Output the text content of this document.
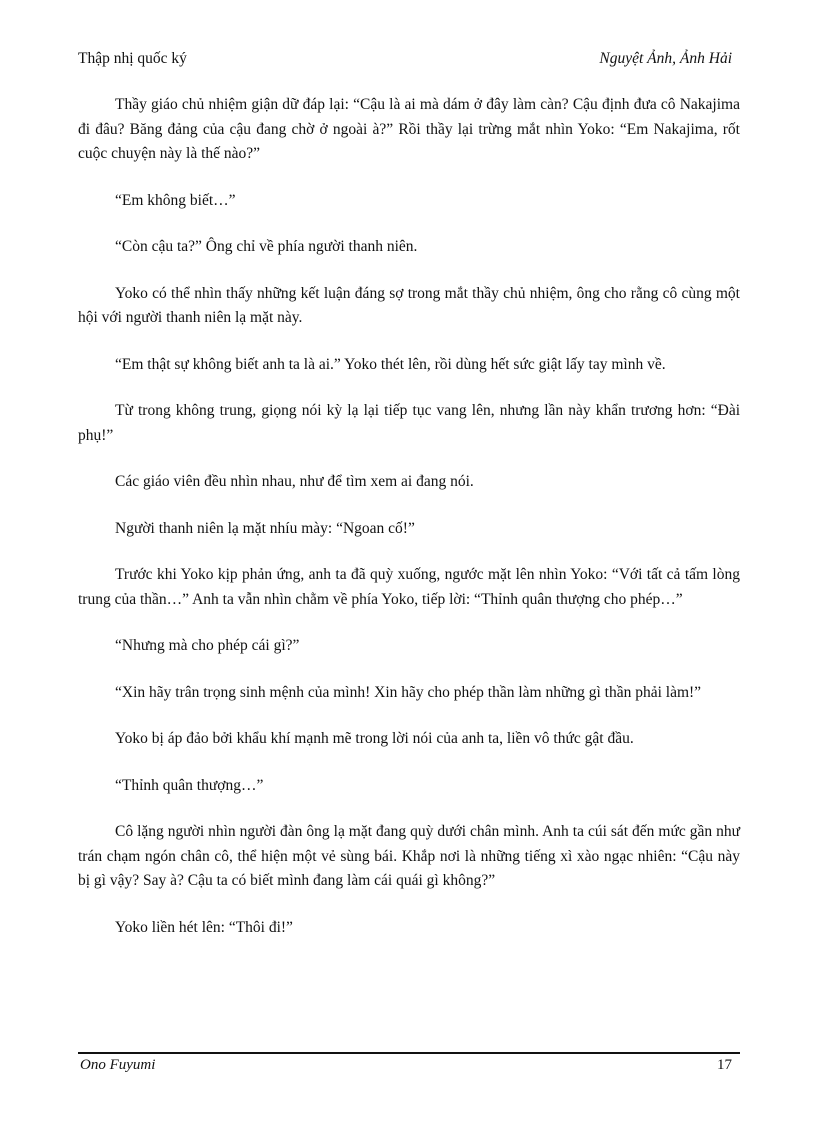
Thập nhị quốc ký	Nguyệt Ảnh, Ảnh Hải

Thầy giáo chủ nhiệm giận dữ đáp lại: “Cậu là ai mà dám ở đây làm càn? Cậu định đưa cô Nakajima đi đâu? Băng đảng của cậu đang chờ ở ngoài à?” Rồi thầy lại trừng mắt nhìn Yoko: “Em Nakajima, rốt cuộc chuyện này là thế nào?”

“Em không biết…”

“Còn cậu ta?” Ông chỉ về phía người thanh niên.

Yoko có thể nhìn thấy những kết luận đáng sợ trong mắt thầy chủ nhiệm, ông cho rằng cô cùng một hội với người thanh niên lạ mặt này.

“Em thật sự không biết anh ta là ai.” Yoko thét lên, rồi dùng hết sức giật lấy tay mình về.

Từ trong không trung, giọng nói kỳ lạ lại tiếp tục vang lên, nhưng lần này khẩn trương hơn: “Đài phụ!”

Các giáo viên đều nhìn nhau, như để tìm xem ai đang nói.

Người thanh niên lạ mặt nhíu mày: “Ngoan cố!”

Trước khi Yoko kịp phản ứng, anh ta đã quỳ xuống, ngước mặt lên nhìn Yoko: “Với tất cả tấm lòng trung của thần…” Anh ta vẫn nhìn chằm về phía Yoko, tiếp lời: “Thỉnh quân thượng cho phép…”

“Nhưng mà cho phép cái gì?”

“Xin hãy trân trọng sinh mệnh của mình! Xin hãy cho phép thần làm những gì thần phải làm!”

Yoko bị áp đảo bởi khẩu khí mạnh mẽ trong lời nói của anh ta, liền vô thức gật đầu.

“Thỉnh quân thượng…”

Cô lặng người nhìn người đàn ông lạ mặt đang quỳ dưới chân mình. Anh ta cúi sát đến mức gần như trán chạm ngón chân cô, thể hiện một vẻ sùng bái. Khắp nơi là những tiếng xì xào ngạc nhiên: “Cậu này bị gì vậy? Say à? Cậu ta có biết mình đang làm cái quái gì không?”

Yoko liền hét lên: “Thôi đi!”

Ono Fuyumi	17
